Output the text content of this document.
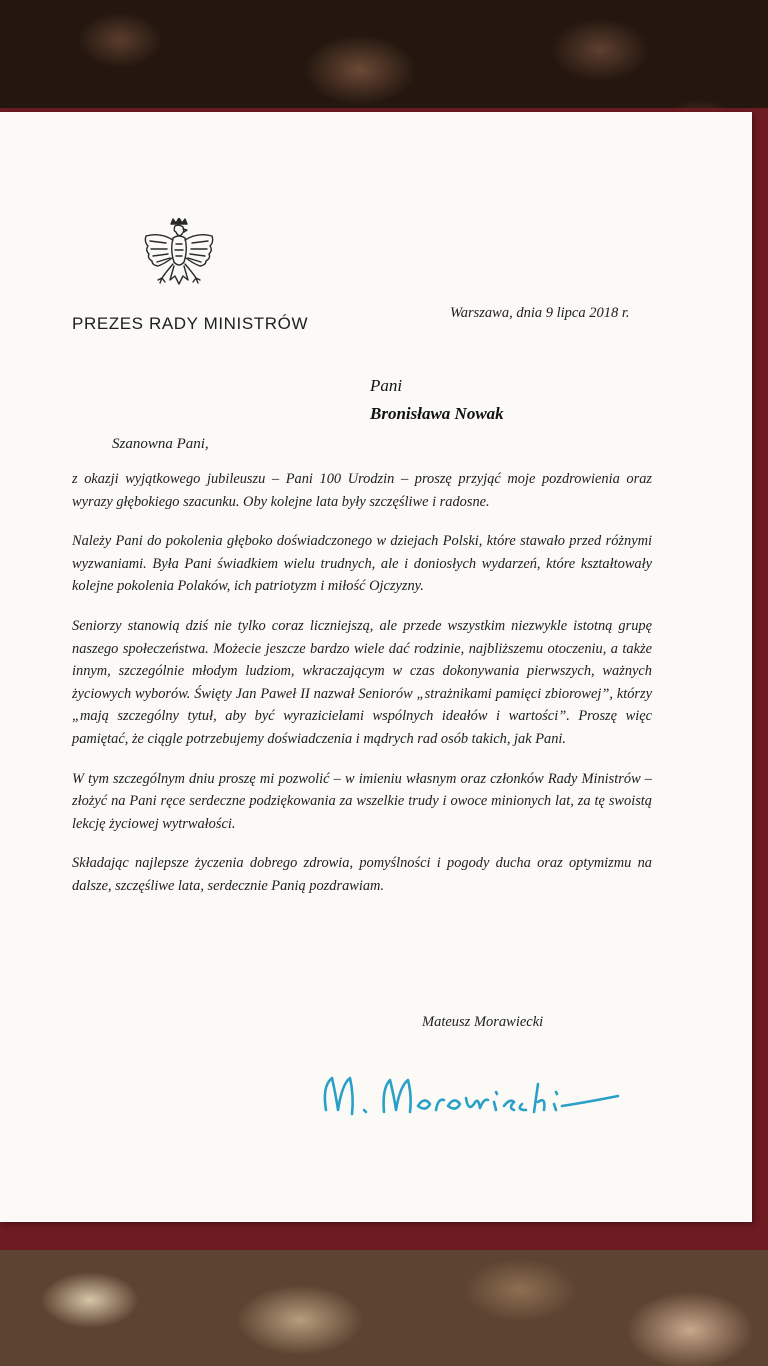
PREZES RADY MINISTRÓW
Warszawa, dnia 9 lipca 2018 r.
Pani
Bronisława Nowak
Szanowna Pani,

z okazji wyjątkowego jubileuszu – Pani 100 Urodzin – proszę przyjąć moje pozdrowienia oraz wyrazy głębokiego szacunku. Oby kolejne lata były szczęśliwe i radosne.

Należy Pani do pokolenia głęboko doświadczonego w dziejach Polski, które stawało przed różnymi wyzwaniami. Była Pani świadkiem wielu trudnych, ale i doniosłych wydarzeń, które kształtowały kolejne pokolenia Polaków, ich patriotyzm i miłość Ojczyzny.

Seniorzy stanowią dziś nie tylko coraz liczniejszą, ale przede wszystkim niezwykle istotną grupę naszego społeczeństwa. Możecie jeszcze bardzo wiele dać rodzinie, najbliższemu otoczeniu, a także innym, szczególnie młodym ludziom, wkraczającym w czas dokonywania pierwszych, ważnych życiowych wyborów. Święty Jan Paweł II nazwał Seniorów „strażnikami pamięci zbiorowej”, którzy „mają szczególny tytuł, aby być wyrazicielami wspólnych ideałów i wartości”. Proszę więc pamiętać, że ciągle potrzebujemy doświadczenia i mądrych rad osób takich, jak Pani.

W tym szczególnym dniu proszę mi pozwolić – w imieniu własnym oraz członków Rady Ministrów – złożyć na Pani ręce serdeczne podziękowania za wszelkie trudy i owoce minionych lat, za tę swoistą lekcję życiowej wytrwałości.

Składając najlepsze życzenia dobrego zdrowia, pomyślności i pogody ducha oraz optymizmu na dalsze, szczęśliwe lata, serdecznie Panią pozdrawiam.

Mateusz Morawiecki
